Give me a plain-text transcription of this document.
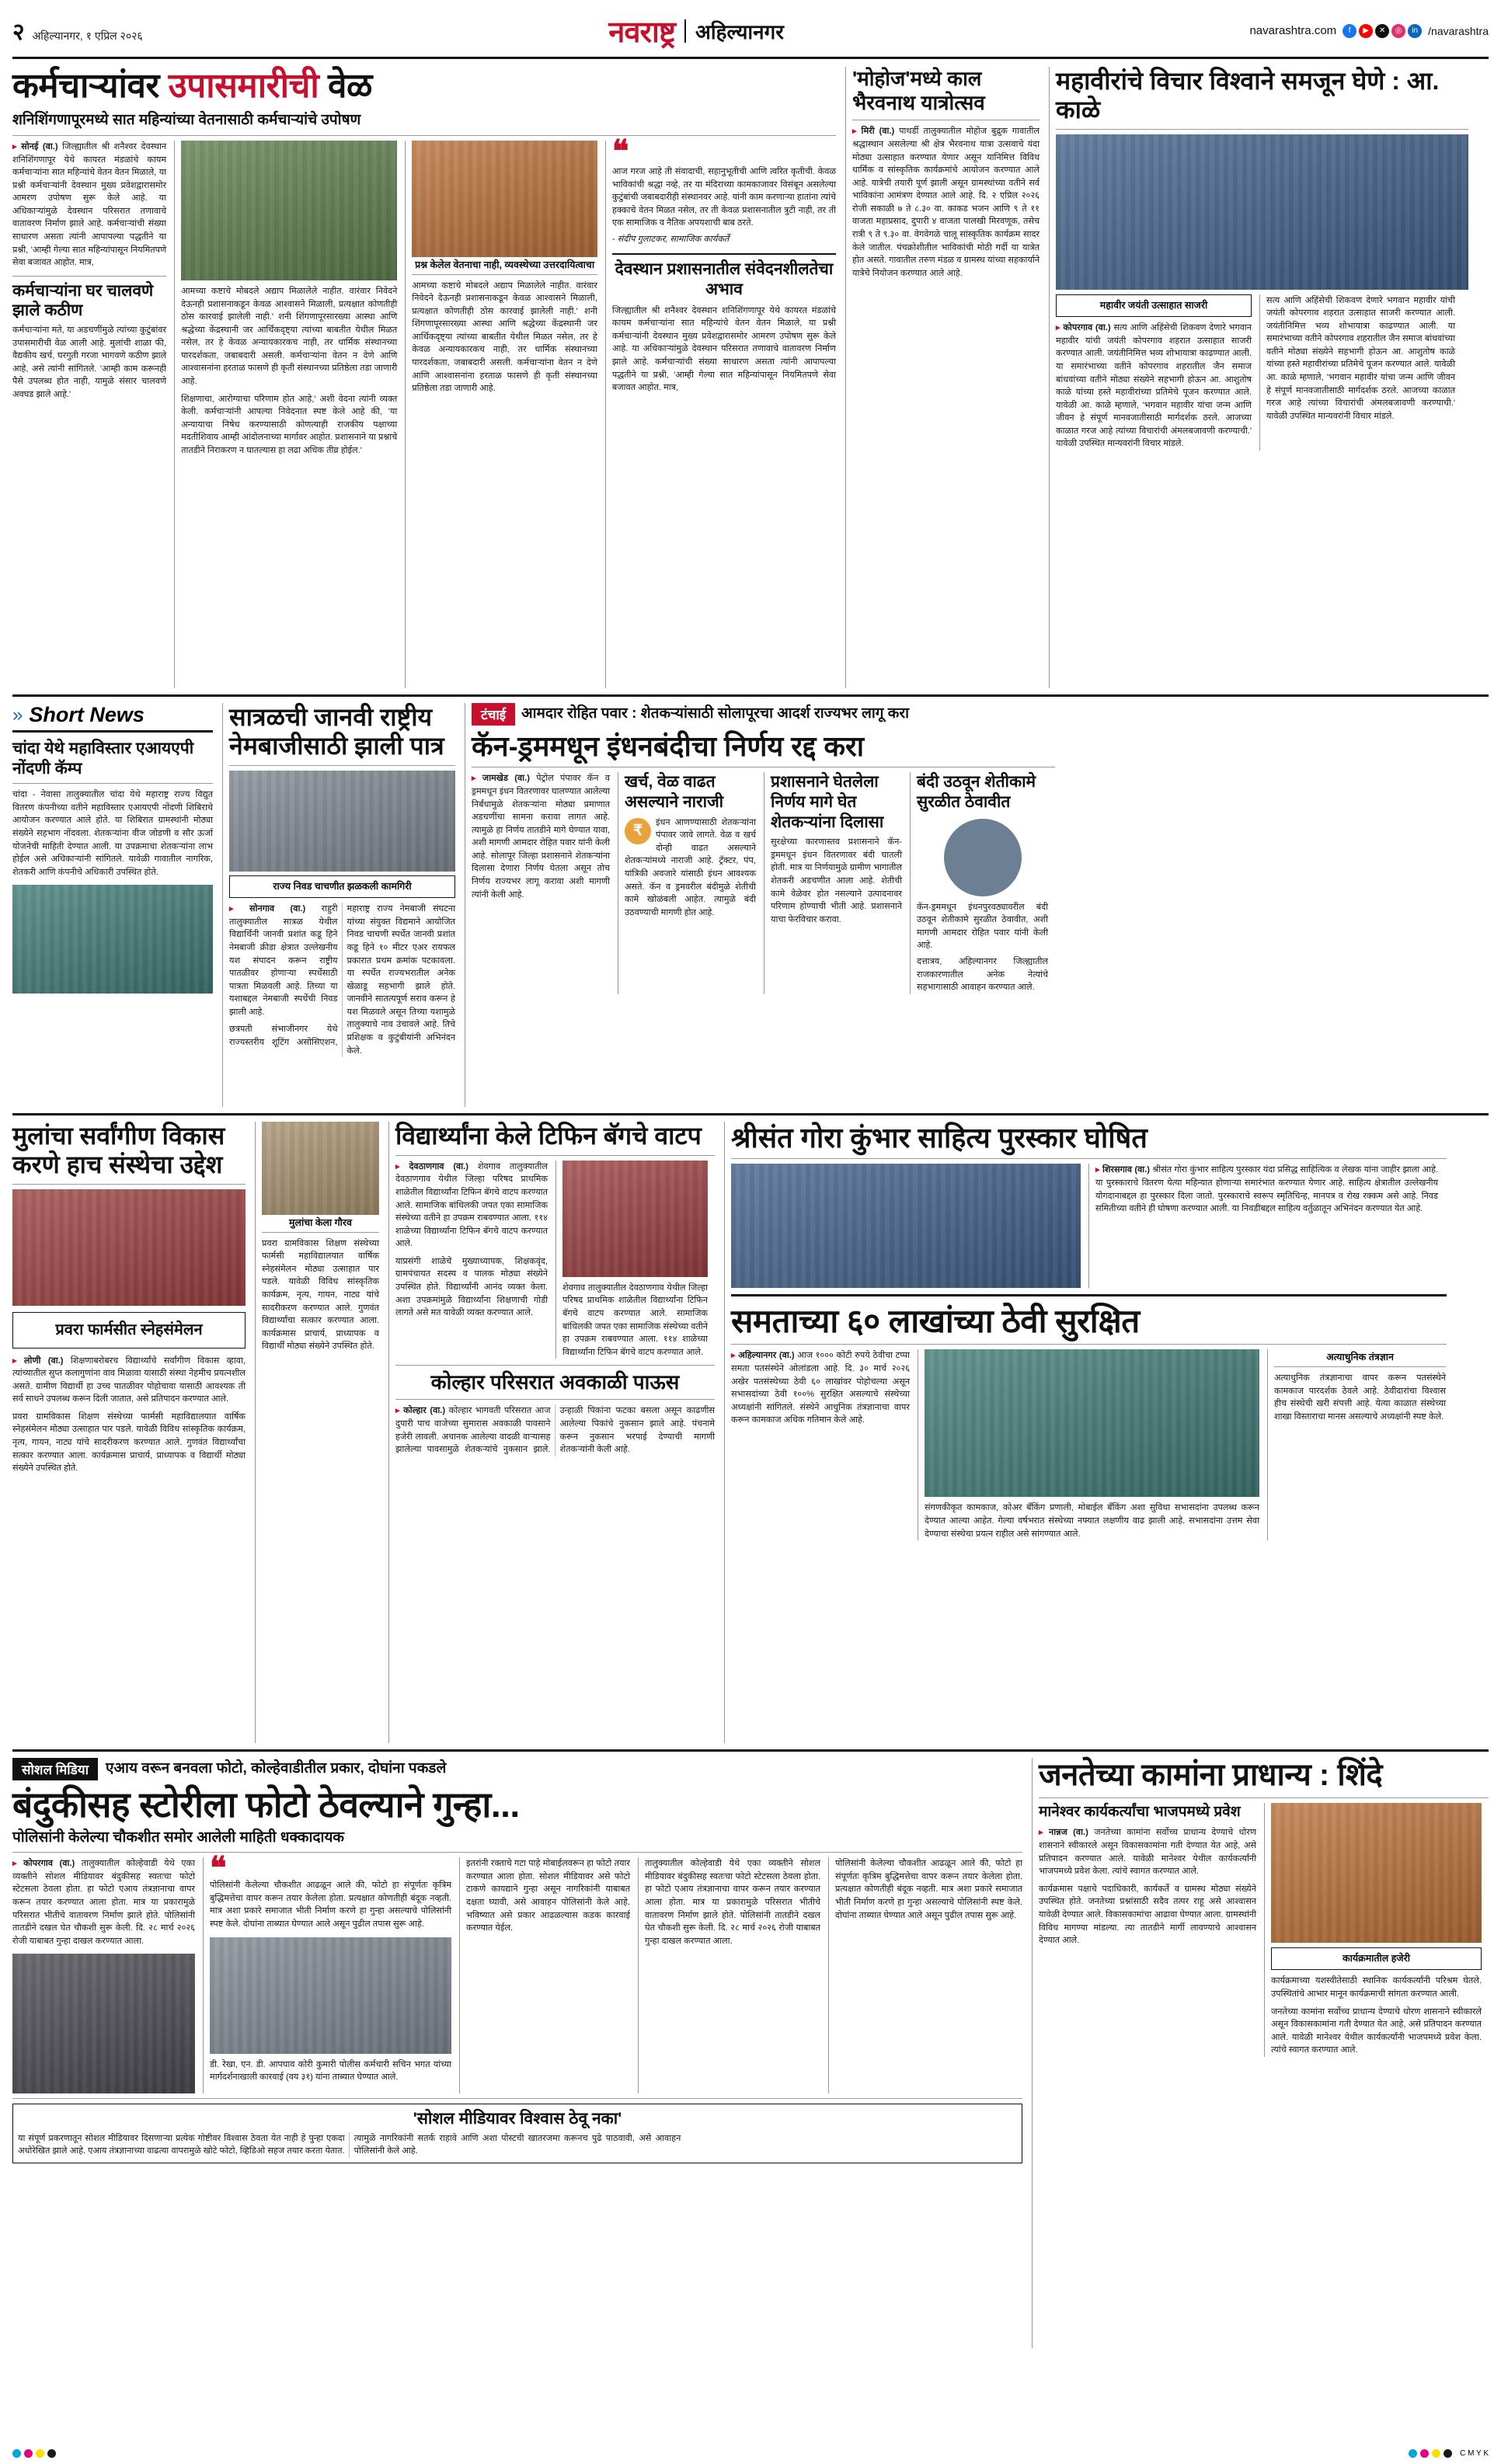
२ अहिल्यानगर, १ एप्रिल २०२६	नवराष्ट्र अहिल्यानगर	navarashtra.com	f	▶	✕	◎	in /navarashtra
कर्मचाऱ्यांवर उपासमारीची वेळ
शनिशिंगणापूरमध्ये सात महिन्यांच्या वेतनासाठी कर्मचाऱ्यांचे उपोषण
▸ सोनई (वा.) जिल्ह्यातील श्री शनैश्वर देवस्थान शनिशिंगणापूर येथे कायरत मंडळांचे कायम कर्मचाऱ्यांना सात महिन्यांचे वेतन वेतन मिळाले, या प्रश्नी कर्मचाऱ्यांनी देवस्थान मुख्य प्रवेशद्वारासमोर आमरण उपोषण सुरू केले आहे. या अधिकाऱ्यांमुळे देवस्थान परिसरात तणावाचे वातावरण निर्माण झाले आहे. कर्मचाऱ्यांची संख्या साधारण असता त्यांनी आपापल्या पद्धतीने या प्रश्नी, 'आम्ही गेल्या सात महिन्यांपासून नियमितपणे सेवा बजावत आहोत. मात्र,
कर्मचाऱ्यांना घर चालवणे झाले कठीण
कर्मचाऱ्यांना मते, या अडचणींमुळे त्यांच्या कुटुंबांवर उपासमारीची वेळ आली आहे. मुलांची शाळा फी, वैद्यकीय खर्च, घरगुती गरजा भागवणे कठीण झाले आहे, असे त्यांनी सांगितले. 'आम्ही काम करूनही पैसे उपलब्ध होत नाही, यामुळे संसार चालवणे अवघड झाले आहे.'
आमच्या कष्टाचे मोबदले अद्याप मिळालेले नाहीत. वारंवार निवेदने देऊनही प्रशासनाकडून केवळ आश्वासने मिळाली, प्रत्यक्षात कोणतीही ठोस कारवाई झालेली नाही.' शनी शिंगणापूरसारख्या आस्था आणि श्रद्धेच्या केंद्रस्थानी जर आर्थिकदृष्ट्या त्यांच्या बाबतीत येथील मिळत नसेल, तर हे केवळ अन्यायकारकच नाही, तर धार्मिक संस्थानच्या पारदर्शकता, जबाबदारी असली. कर्मचाऱ्यांना वेतन न देणे आणि आश्वासनांना हरताळ फासणे ही कृती संस्थानच्या प्रतिष्ठेला तडा जाणारी आहे.
शिक्षणाचा, आरोग्याचा परिणाम होत आहे,' अशी वेदना त्यांनी व्यक्त केली. कर्मचाऱ्यांनी आपल्या निवेदनात स्पष्ट केले आहे की, 'या अन्यायाचा निषेध करण्यासाठी कोणत्याही राजकीय पक्षाच्या मदतीशिवाय आम्ही आंदोलनाच्या मार्गावर आहोत. प्रशासनाने या प्रश्नाचे तातडीने निराकरण न घातल्यास हा लढा अधिक तीव्र होईल.'
प्रश्न केलेल वेतनाचा नाही, व्यवस्थेच्या उत्तरदायित्वाचा
आमच्या कष्टाचे मोबदले अद्याप मिळालेले नाहीत. वारंवार निवेदने देऊनही प्रशासनाकडून केवळ आश्वासने मिळाली, प्रत्यक्षात कोणतीही ठोस कारवाई झालेली नाही.' शनी शिंगणापूरसारख्या आस्था आणि श्रद्धेच्या केंद्रस्थानी जर आर्थिकदृष्ट्या त्यांच्या बाबतीत येथील मिळत नसेल, तर हे केवळ अन्यायकारकच नाही, तर धार्मिक संस्थानच्या पारदर्शकता, जबाबदारी असली. कर्मचाऱ्यांना वेतन न देणे आणि आश्वासनांना हरताळ फासणे ही कृती संस्थानच्या प्रतिष्ठेला तडा जाणारी आहे.
❝
आज गरज आहे ती संवादाची, सहानुभूतीची आणि त्वरित कृतीची. केवळ भाविकांची श्रद्धा नव्हे, तर या मंदिराच्या कामकाजावर विसंबून असलेल्या कुटुंबांची जबाबदारीही संस्थानवर आहे. यांनी काम करणाऱ्या हातांना त्यांचे हक्काचे वेतन मिळत नसेल, तर ती केवळ प्रशासनातील त्रुटी नाही, तर ती एक सामाजिक व नैतिक अपयशाची बाब ठरते.
- संदीप गुलाटकर, सामाजिक कार्यकर्ते
देवस्थान प्रशासनातील संवेदनशीलतेचा अभाव
जिल्ह्यातील श्री शनैश्वर देवस्थान शनिशिंगणापूर येथे कायरत मंडळांचे कायम कर्मचाऱ्यांना सात महिन्यांचे वेतन वेतन मिळाले, या प्रश्नी कर्मचाऱ्यांनी देवस्थान मुख्य प्रवेशद्वारासमोर आमरण उपोषण सुरू केले आहे. या अधिकाऱ्यांमुळे देवस्थान परिसरात तणावाचे वातावरण निर्माण झाले आहे. कर्मचाऱ्यांची संख्या साधारण असता त्यांनी आपापल्या पद्धतीने या प्रश्नी, 'आम्ही गेल्या सात महिन्यांपासून नियमितपणे सेवा बजावत आहोत. मात्र,
'मोहोज'मध्ये काल भैरवनाथ यात्रोत्सव
▸ मिरी (वा.) पाथर्डी तालुक्यातील मोहोज बुद्रुक गावातील श्रद्धास्थान असलेल्या श्री क्षेत्र भैरवनाथ यात्रा उत्सवाचे यंदा मोठ्या उत्साहात करण्यात येणार असून यानिमित्त विविध धार्मिक व सांस्कृतिक कार्यक्रमांचे आयोजन करण्यात आले आहे. यात्रेची तयारी पूर्ण झाली असून ग्रामस्थांच्या वतीने सर्व भाविकांना आमंत्रण देण्यात आले आहे. दि. २ एप्रिल २०२६ रोजी सकाळी ७ ते ८.३० वा. काकड भजन आणि ९ ते ११ वाजता महाप्रसाद, दुपारी ४ वाजता पालखी मिरवणूक, तसेच रात्री ९ ते ९.३० वा. वेगवेगळे चालू सांस्कृतिक कार्यक्रम सादर केले जातील. पंचक्रोशीतील भाविकांची मोठी गर्दी या यात्रेत होत असते. गावातील तरुण मंडळ व ग्रामस्थ यांच्या सहकार्याने यात्रेचे नियोजन करण्यात आले आहे.
महावीरांचे विचार विश्वाने समजून घेणे : आ. काळे
महावीर जयंती उत्साहात साजरी
▸ कोपरगाव (वा.) सत्य आणि अहिंसेची शिकवण देणारे भगवान महावीर यांची जयंती कोपरगाव शहरात उत्साहात साजरी करण्यात आली. जयंतीनिमित्त भव्य शोभायात्रा काढण्यात आली. या समारंभाच्या वतीने कोपरगाव शहरातील जैन समाज बांधवांच्या वतीने मोठ्या संख्येने सहभागी होऊन आ. आशुतोष काळे यांच्या हस्ते महावीरांच्या प्रतिमेचे पूजन करण्यात आले. यावेळी आ. काळे म्हणाले, 'भगवान महावीर यांचा जन्म आणि जीवन हे संपूर्ण मानवजातीसाठी मार्गदर्शक ठरले. आजच्या काळात गरज आहे त्यांच्या विचारांची अंमलबजावणी करण्याची.' यावेळी उपस्थित मान्यवरांनी विचार मांडले.
सत्य आणि अहिंसेची शिकवण देणारे भगवान महावीर यांची जयंती कोपरगाव शहरात उत्साहात साजरी करण्यात आली. जयंतीनिमित्त भव्य शोभायात्रा काढण्यात आली. या समारंभाच्या वतीने कोपरगाव शहरातील जैन समाज बांधवांच्या वतीने मोठ्या संख्येने सहभागी होऊन आ. आशुतोष काळे यांच्या हस्ते महावीरांच्या प्रतिमेचे पूजन करण्यात आले. यावेळी आ. काळे म्हणाले, 'भगवान महावीर यांचा जन्म आणि जीवन हे संपूर्ण मानवजातीसाठी मार्गदर्शक ठरले. आजच्या काळात गरज आहे त्यांच्या विचारांची अंमलबजावणी करण्याची.' यावेळी उपस्थित मान्यवरांनी विचार मांडले.
» Short News
चांदा येथे महाविस्तार एआयएपी नोंदणी कॅम्प
चांदा - नेवासा तालुक्यातील चांदा येथे महाराष्ट्र राज्य विद्युत वितरण कंपनीच्या वतीने महाविस्तार एआयएपी नोंदणी शिबिराचे आयोजन करण्यात आले होते. या शिबिरात ग्रामस्थांनी मोठ्या संख्येने सहभाग नोंदवला. शेतकऱ्यांना वीज जोडणी व सौर ऊर्जा योजनेची माहिती देण्यात आली. या उपक्रमाचा शेतकऱ्यांना लाभ होईल असे अधिकाऱ्यांनी सांगितले. यावेळी गावातील नागरिक, शेतकरी आणि कंपनीचे अधिकारी उपस्थित होते.
सात्रळची जानवी राष्ट्रीय नेमबाजीसाठी झाली पात्र
राज्य निवड चाचणीत झळकली कामगिरी
▸ सोनगाव (वा.) राहुरी तालुक्यातील सात्रळ येथील विद्यार्थिनी जानवी प्रशांत कडू हिने नेमबाजी क्रीडा क्षेत्रात उल्लेखनीय यश संपादन करून राष्ट्रीय पातळीवर होणाऱ्या स्पर्धेसाठी पात्रता मिळवली आहे. तिच्या या यशाबद्दल नेमबाजी स्पर्धेची निवड झाली आहे.
छत्रपती संभाजीनगर येथे राज्यस्तरीय शूटिंग असोसिएशन, महाराष्ट्र राज्य नेमबाजी संघटना यांच्या संयुक्त विद्यमाने आयोजित निवड चाचणी स्पर्धेत जानवी प्रशांत कडू हिने १० मीटर एअर रायफल प्रकारात प्रथम क्रमांक पटकावला. या स्पर्धेत राज्यभरातील अनेक खेळाडू सहभागी झाले होते. जानवीने सातत्यपूर्ण सराव करून हे यश मिळवले असून तिच्या यशामुळे तालुक्याचे नाव उंचावले आहे. तिचे प्रशिक्षक व कुटुंबीयांनी अभिनंदन केले.
टंचाई	आमदार रोहित पवार : शेतकऱ्यांसाठी सोलापूरचा आदर्श राज्यभर लागू करा
कॅन-ड्रममधून इंधनबंदीचा निर्णय रद्द करा
▸ जामखेड (वा.) पेट्रोल पंपावर कॅन व ड्रममधून इंधन वितरणावर घालण्यात आलेल्या निर्बंधामुळे शेतकऱ्यांना मोठ्या प्रमाणात अडचणींचा सामना करावा लागत आहे. त्यामुळे हा निर्णय तातडीने मागे घेण्यात यावा, अशी मागणी आमदार रोहित पवार यांनी केली आहे. सोलापूर जिल्हा प्रशासनाने शेतकऱ्यांना दिलासा देणारा निर्णय घेतला असून तोच निर्णय राज्यभर लागू करावा अशी मागणी त्यांनी केली आहे.
खर्च, वेळ वाढत असल्याने नाराजी
₹	इंधन आणण्यासाठी शेतकऱ्यांना पंपावर जावे लागते. वेळ व खर्च दोन्ही वाढत असल्याने शेतकऱ्यांमध्ये नाराजी आहे. ट्रॅक्टर, पंप, यांत्रिकी अवजारे यांसाठी इंधन आवश्यक असते. कॅन व ड्रमवरील बंदीमुळे शेतीची कामे खोळंबली आहेत. त्यामुळे बंदी उठवण्याची मागणी होत आहे.
प्रशासनाने घेतलेला निर्णय मागे घेत शेतकऱ्यांना दिलासा
सुरक्षेच्या कारणास्तव प्रशासनाने कॅन-ड्रममधून इंधन वितरणावर बंदी घातली होती. मात्र या निर्णयामुळे ग्रामीण भागातील शेतकरी अडचणीत आला आहे. शेतीची कामे वेळेवर होत नसल्याने उत्पादनावर परिणाम होण्याची भीती आहे. प्रशासनाने याचा फेरविचार करावा.
बंदी उठवून शेतीकामे सुरळीत ठेवावीत
कॅन-ड्रममधून इंधनपुरवठ्यावरील बंदी उठवून शेतीकामे सुरळीत ठेवावीत, अशी मागणी आमदार रोहित पवार यांनी केली आहे.
दत्तात्रय, अहिल्यानगर जिल्ह्यातील राजकारणातील अनेक नेत्यांचे सहभागासाठी आवाहन करण्यात आले.
मुलांचा सर्वांगीण विकास करणे हाच संस्थेचा उद्देश
प्रवरा फार्मसीत स्नेहसंमेलन
▸ लोणी (वा.) शिक्षणाबरोबरच विद्यार्थ्यांचे सर्वांगीण विकास व्हावा, त्यांच्यातील सुप्त कलागुणांना वाव मिळावा यासाठी संस्था नेहमीच प्रयत्नशील असते. ग्रामीण विद्यार्थी हा उच्च पातळीवर पोहोचावा यासाठी आवश्यक ती सर्व साधने उपलब्ध करून दिली जातात, असे प्रतिपादन करण्यात आले.
प्रवरा ग्रामविकास शिक्षण संस्थेच्या फार्मसी महाविद्यालयात वार्षिक स्नेहसंमेलन मोठ्या उत्साहात पार पडले. यावेळी विविध सांस्कृतिक कार्यक्रम, नृत्य, गायन, नाट्य यांचे सादरीकरण करण्यात आले. गुणवंत विद्यार्थ्यांचा सत्कार करण्यात आला. कार्यक्रमास प्राचार्य, प्राध्यापक व विद्यार्थी मोठ्या संख्येने उपस्थित होते.
मुलांचा केला गौरव
प्रवरा ग्रामविकास शिक्षण संस्थेच्या फार्मसी महाविद्यालयात वार्षिक स्नेहसंमेलन मोठ्या उत्साहात पार पडले. यावेळी विविध सांस्कृतिक कार्यक्रम, नृत्य, गायन, नाट्य यांचे सादरीकरण करण्यात आले. गुणवंत विद्यार्थ्यांचा सत्कार करण्यात आला. कार्यक्रमास प्राचार्य, प्राध्यापक व विद्यार्थी मोठ्या संख्येने उपस्थित होते.
विद्यार्थ्यांना केले टिफिन बॅगचे वाटप
▸ देवठाणगाव (वा.) शेवगाव तालुक्यातील देवठाणगाव येथील जिल्हा परिषद प्राथमिक शाळेतील विद्यार्थ्यांना टिफिन बॅगचे वाटप करण्यात आले. सामाजिक बांधिलकी जपत एका सामाजिक संस्थेच्या वतीने हा उपक्रम राबवण्यात आला. ११४ शाळेच्या विद्यार्थ्यांना टिफिन बॅगचे वाटप करण्यात आले.
याप्रसंगी शाळेचे मुख्याध्यापक, शिक्षकवृंद, ग्रामपंचायत सदस्य व पालक मोठ्या संख्येने उपस्थित होते. विद्यार्थ्यांनी आनंद व्यक्त केला. अशा उपक्रमांमुळे विद्यार्थ्यांना शिक्षणाची गोडी लागते असे मत यावेळी व्यक्त करण्यात आले.
शेवगाव तालुक्यातील देवठाणगाव येथील जिल्हा परिषद प्राथमिक शाळेतील विद्यार्थ्यांना टिफिन बॅगचे वाटप करण्यात आले. सामाजिक बांधिलकी जपत एका सामाजिक संस्थेच्या वतीने हा उपक्रम राबवण्यात आला. ११४ शाळेच्या विद्यार्थ्यांना टिफिन बॅगचे वाटप करण्यात आले.
कोल्हार परिसरात अवकाळी पाऊस
▸ कोल्हार (वा.) कोल्हार भागवती परिसरात आज दुपारी पाच वाजेच्या सुमारास अवकाळी पावसाने हजेरी लावली. अचानक आलेल्या वादळी वाऱ्यासह झालेल्या पावसामुळे शेतकऱ्यांचे नुकसान झाले. उन्हाळी पिकांना फटका बसला असून काढणीस आलेल्या पिकांचे नुकसान झाले आहे. पंचनामे करून नुकसान भरपाई देण्याची मागणी शेतकऱ्यांनी केली आहे.
श्रीसंत गोरा कुंभार साहित्य पुरस्कार घोषित
▸ शिरसगाव (वा.) श्रीसंत गोरा कुंभार साहित्य पुरस्कार यंदा प्रसिद्ध साहित्यिक व लेखक यांना जाहीर झाला आहे. या पुरस्काराचे वितरण येत्या महिन्यात होणाऱ्या समारंभात करण्यात येणार आहे. साहित्य क्षेत्रातील उल्लेखनीय योगदानाबद्दल हा पुरस्कार दिला जातो. पुरस्काराचे स्वरूप स्मृतिचिन्ह, मानपत्र व रोख रक्कम असे आहे. निवड समितीच्या वतीने ही घोषणा करण्यात आली. या निवडीबद्दल साहित्य वर्तुळातून अभिनंदन करण्यात येत आहे.
समताच्या ६० लाखांच्या ठेवी सुरक्षित
▸ अहिल्यानगर (वा.) आज १००० कोटी रुपये ठेवीचा टप्पा समता पतसंस्थेने ओलांडला आहे. दि. ३० मार्च २०२६ अखेर पतसंस्थेच्या ठेवी ६० लाखांवर पोहोचल्या असून सभासदांच्या ठेवी १००% सुरक्षित असल्याचे संस्थेच्या अध्यक्षांनी सांगितले. संस्थेने आधुनिक तंत्रज्ञानाचा वापर करून कामकाज अधिक गतिमान केले आहे.
संगणकीकृत कामकाज, कोअर बँकिंग प्रणाली, मोबाईल बँकिंग अशा सुविधा सभासदांना उपलब्ध करून देण्यात आल्या आहेत. गेल्या वर्षभरात संस्थेच्या नफ्यात लक्षणीय वाढ झाली आहे. सभासदांना उत्तम सेवा देण्याचा संस्थेचा प्रयत्न राहील असे सांगण्यात आले.
अत्याधुनिक तंत्रज्ञान
अत्याधुनिक तंत्रज्ञानाचा वापर करून पतसंस्थेने कामकाज पारदर्शक ठेवले आहे. ठेवीदारांचा विश्वास हीच संस्थेची खरी संपत्ती आहे. येत्या काळात संस्थेच्या शाखा विस्ताराचा मानस असल्याचे अध्यक्षांनी स्पष्ट केले.
सोशल मिडिया	एआय वरून बनवला फोटो, कोल्हेवाडीतील प्रकार, दोघांना पकडले
बंदुकीसह स्टोरीला फोटो ठेवल्याने गुन्हा...
पोलिसांनी केलेल्या चौकशीत समोर आलेली माहिती धक्कादायक
▸ कोपरगाव (वा.) तालुक्यातील कोल्हेवाडी येथे एका व्यक्तीने सोशल मीडियावर बंदुकीसह स्वतःचा फोटो स्टेटसला ठेवला होता. हा फोटो एआय तंत्रज्ञानाचा वापर करून तयार करण्यात आला होता. मात्र या प्रकारामुळे परिसरात भीतीचे वातावरण निर्माण झाले होते. पोलिसांनी तातडीने दखल घेत चौकशी सुरू केली. दि. २८ मार्च २०२६ रोजी याबाबत गुन्हा दाखल करण्यात आला.
❝
पोलिसांनी केलेल्या चौकशीत आढळून आले की, फोटो हा संपूर्णतः कृत्रिम बुद्धिमत्तेचा वापर करून तयार केलेला होता. प्रत्यक्षात कोणतीही बंदूक नव्हती. मात्र अशा प्रकारे समाजात भीती निर्माण करणे हा गुन्हा असल्याचे पोलिसांनी स्पष्ट केले. दोघांना ताब्यात घेण्यात आले असून पुढील तपास सुरू आहे.
डी. रेखा, एन. डी. आपघाव कोरी कुमारी पोलीस कर्मचारी सचिन भगत यांच्या मार्गदर्शनाखाली कारवाई (वय ३१) यांना ताब्यात घेण्यात आले.
इतरांनी रक्ताचे गटा पाहे मोबाईलवरून हा फोटो तयार करण्यात आला होता. सोशल मीडियावर असे फोटो टाकणे कायद्याने गुन्हा असून नागरिकांनी याबाबत दक्षता घ्यावी, असे आवाहन पोलिसांनी केले आहे. भविष्यात असे प्रकार आढळल्यास कडक कारवाई करण्यात येईल.
तालुक्यातील कोल्हेवाडी येथे एका व्यक्तीने सोशल मीडियावर बंदुकीसह स्वतःचा फोटो स्टेटसला ठेवला होता. हा फोटो एआय तंत्रज्ञानाचा वापर करून तयार करण्यात आला होता. मात्र या प्रकारामुळे परिसरात भीतीचे वातावरण निर्माण झाले होते. पोलिसांनी तातडीने दखल घेत चौकशी सुरू केली. दि. २८ मार्च २०२६ रोजी याबाबत गुन्हा दाखल करण्यात आला.
पोलिसांनी केलेल्या चौकशीत आढळून आले की, फोटो हा संपूर्णतः कृत्रिम बुद्धिमत्तेचा वापर करून तयार केलेला होता. प्रत्यक्षात कोणतीही बंदूक नव्हती. मात्र अशा प्रकारे समाजात भीती निर्माण करणे हा गुन्हा असल्याचे पोलिसांनी स्पष्ट केले. दोघांना ताब्यात घेण्यात आले असून पुढील तपास सुरू आहे.
'सोशल मीडियावर विश्वास ठेवू नका'
या संपूर्ण प्रकरणातून सोशल मीडियावर दिसणाऱ्या प्रत्येक गोष्टीवर विश्वास ठेवता येत नाही हे पुन्हा एकदा अधोरेखित झाले आहे. एआय तंत्रज्ञानाच्या वाढत्या वापरामुळे खोटे फोटो, व्हिडिओ सहज तयार करता येतात. त्यामुळे नागरिकांनी सतर्क राहावे आणि अशा पोस्टची खातरजमा करूनच पुढे पाठवावी, असे आवाहन पोलिसांनी केले आहे.
जनतेच्या कामांना प्राधान्य : शिंदे
मानेश्वर कार्यकर्त्यांचा भाजपमध्ये प्रवेश
▸ नान्नज (वा.) जनतेच्या कामांना सर्वोच्च प्राधान्य देण्याचे धोरण शासनाने स्वीकारले असून विकासकामांना गती देण्यात येत आहे, असे प्रतिपादन करण्यात आले. यावेळी मानेश्वर येथील कार्यकर्त्यांनी भाजपमध्ये प्रवेश केला. त्यांचे स्वागत करण्यात आले.
कार्यक्रमास पक्षाचे पदाधिकारी, कार्यकर्ते व ग्रामस्थ मोठ्या संख्येने उपस्थित होते. जनतेच्या प्रश्नांसाठी सदैव तत्पर राहू असे आश्वासन यावेळी देण्यात आले. विकासकामांचा आढावा घेण्यात आला. ग्रामस्थांनी विविध मागण्या मांडल्या. त्या तातडीने मार्गी लावण्याचे आश्वासन देण्यात आले.
कार्यक्रमातील हजेरी
कार्यक्रमाच्या यशस्वीतेसाठी स्थानिक कार्यकर्त्यांनी परिश्रम घेतले. उपस्थितांचे आभार मानून कार्यक्रमाची सांगता करण्यात आली.
जनतेच्या कामांना सर्वोच्च प्राधान्य देण्याचे धोरण शासनाने स्वीकारले असून विकासकामांना गती देण्यात येत आहे, असे प्रतिपादन करण्यात आले. यावेळी मानेश्वर येथील कार्यकर्त्यांनी भाजपमध्ये प्रवेश केला. त्यांचे स्वागत करण्यात आले.
C M Y K
